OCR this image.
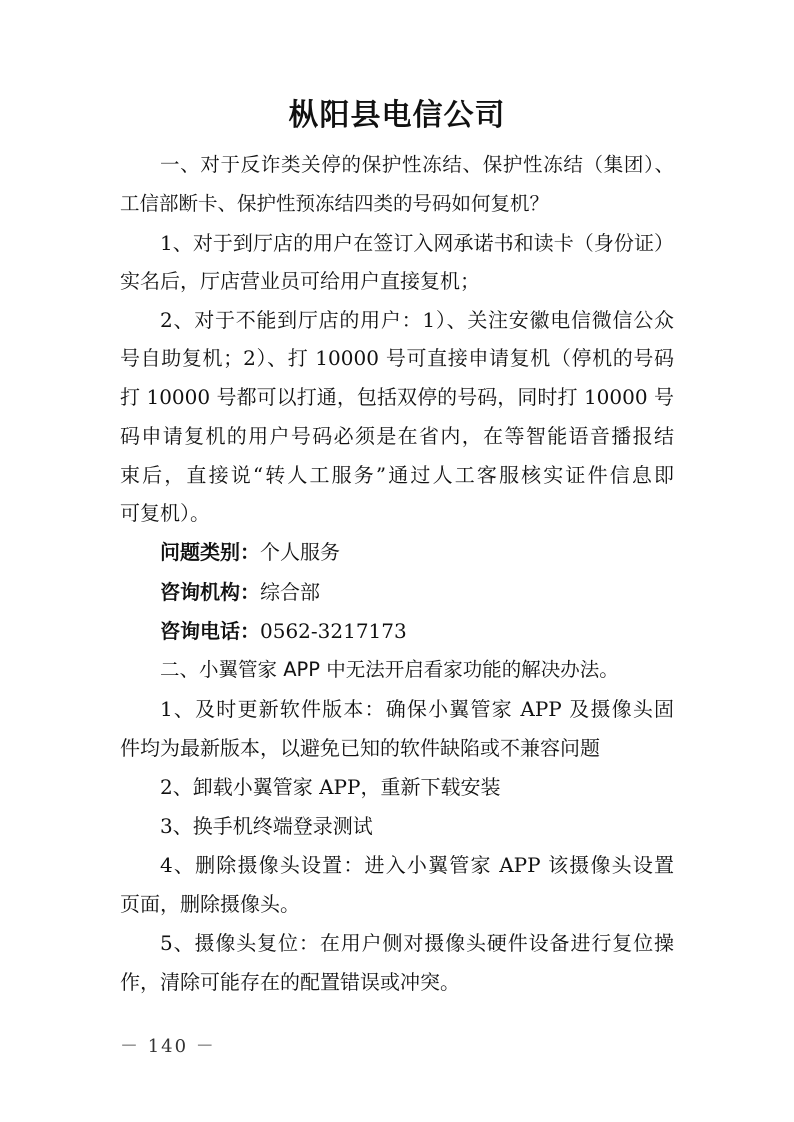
枞阳县电信公司
一、对于反诈类关停的保护性冻结、保护性冻结（集团）、
工信部断卡、保护性预冻结四类的号码如何复机？
1、对于到厅店的用户在签订入网承诺书和读卡（身份证）
实名后，厅店营业员可给用户直接复机；
2、对于不能到厅店的用户：1）、关注安徽电信微信公众
号自助复机；2）、打 10000 号可直接申请复机（停机的号码
打 10000 号都可以打通，包括双停的号码，同时打 10000 号
码申请复机的用户号码必须是在省内，在等智能语音播报结
束后，直接说“转人工服务”通过人工客服核实证件信息即
可复机）。
问题类别：个人服务
咨询机构：综合部
咨询电话：0562-3217173
二、小翼管家 APP 中无法开启看家功能的解决办法。
1、及时更新软件版本：确保小翼管家 APP 及摄像头固
件均为最新版本，以避免已知的软件缺陷或不兼容问题
2、卸载小翼管家 APP，重新下载安装
3、换手机终端登录测试
4、删除摄像头设置：进入小翼管家 APP 该摄像头设置
页面，删除摄像头。
5、摄像头复位：在用户侧对摄像头硬件设备进行复位操
作，清除可能存在的配置错误或冲突。
－ 140 －
